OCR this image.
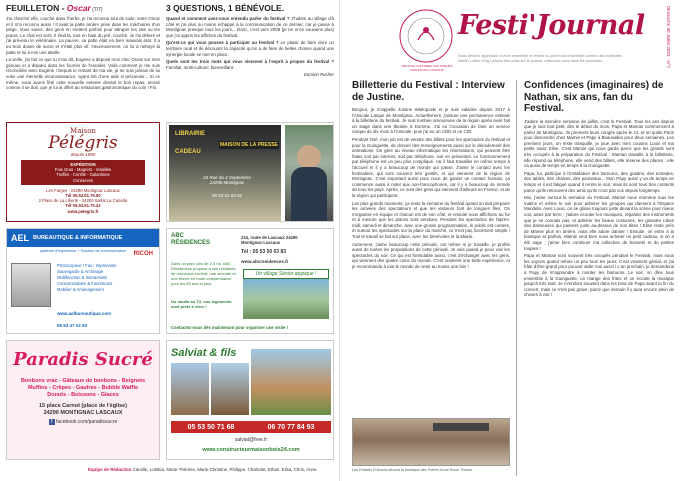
FEUILLETON - Oscar (7/7)

J'ai cherché elfe, couché dans l'herbe, je l'ai reconnu tout de suite, votre Oscar et il m'a reconnu aussi ! Il avait la patte arrière prise dans les mâchoires d'un piège. Vous savez, des gens en mettent parfois pour attraper les rats ou les putois. Le chat est sorti. Il était là, tout en haut du pré, couché. Je l'ai délivré et j'ai prévenu le vétérinaire. La pauvre, sa patte était en bien mauvais état. Il a eu trois doses de sucre et n'était plus vif. Heureusement, on lui a nettoyé la patte et lui a mis une attelle.

La veille, j'ai fait ce que tu m'as dit, Eugène a déposé mon cher Oscar sur mes genoux et a disparu dans les fourrés de l'escalier. Voilà comment je me suis réconciliée avec Eugène ! Depuis le restant de ma vie, je ne suis jamais de lui voler une éternelle reconnaissance, ayant été d'une aide si précieuse... Si ce même, nous avons fêté cette nouvelle entente devant le bon repas, arrosé comme il se doit, que je lui ai offert au restaurant gastronomique du coin ! Fin.

3 QUESTIONS, 1 BÉNÉVOLE.

Quand et comment avez-vous entendu parler du festival ? J'habite au village d'à côté et j'ai plus ou moins échappé à la communication de ce dernier, car je passe à Montignac presque tous les jours... Donc, c'est vers 2008 (je ne m'en souviens plus) que j'ai appris les affiches du festival.

Qu'est-ce qui vous pousse à participer au festival ? Le plaisir de faire vivre un territoire rural et de découvrir la capacité qu'on a de faire de belles choses quand une synergie locale se met en place.

Quels sont les trois mots qui vous viennent à l'esprit à propos du festival ? Familial, multi-culturel, bienveillant.

Damien Pucher

Maison
Pélégris
depuis 1890
EXPÉDITION
Foie Gras - Magrets - Volailles
Truffes - Confits - Galantines
Conserves
Les Farges - 24290 Montignac Lascaux
Tél 05.53.51.79.00
2 Place de La Liberté - 24200 Sarlat La Canéda
Tél 05.53.51.70.42
www.pelegris.fr
LIBRAIRIE
CADEAU
MAISON DE LA PRESSE
24 Rue du 4 Septembre 24290 Montignac
05 53 51 63 01
AEL BUREAUTIQUE & INFORMATIQUE
système d'impression + Solution de communication
Photocopieur / Fax / Imprimante
Sauvegarde & Archivage
Multifonction & Interactivité
Consommables & Fournitures
Mobilier & Aménagement
RICOH
www.aelbureautique.com
05 53 47 22 00
ABC RÉSIDENCES
234, route de Lascaux 24290 Montignac-Lascaux
Tél : 05 53 50 03 83
www.abcresidences.fr
Dans un parc clos de 2,5 ha, ABC Résidences propose à ses résidents de nouveaux confort, une sécurité et une liberté en toute indépendance pour les 60 ans et plus.
Du studio au T3, nos logements sont prêts à vivre !
Un village Sénior atypique !
Contactez-nous dès maintenant pour organiser une visite !
Paradis Sucré
Bonbons vrac - Gâteaux de bonbons - Beignets
Muffins - Crêpes - Gaufres - Bubble Waffle
Donuts - Boissons - Glaces
15 place Carnot (place de l'église)
24290 MONTIGNAC LASCAUX
f facebook.com/paradissucre
Salviat & fils
05 53 50 71 68	06 70 77 84 93
salviat@free.fr
www.constructeurmaisonbois24.com
Équipe de Rédaction Camille, Loëtitia, Marie-Thérèse, Marie-Christine, Philippe, Charlotte, Ethan, Elisa, Chris, Anne.
FESTIVAL CULTURES AUX COEURS MONTIGNAC-LASCAUX
Festi'Journal
Nous devons apprendre à vivre ensemble en frères ou périr tous ensemble comme des imbéciles. Martin Luther King Laissez des mots sur le journal, retrouvez-vous dans les prochains.	Dimanche 30 Juillet 2023 - N°7
Billetterie du Festival : Interview de Justine.

Bonjour, je m'appelle Justine Wieloposki et je suis salariée depuis 2017 à l'Amicale Laïque de Montignac. Actuellement, j'assure une permanence estivale à la billetterie du festival. Je suis tombée amoureuse de la région après avoir fait un stage dans une librairie à Domme. J'ai eu l'occasion de faire un service civique de dix mois à l'Amicale, puis j'ai eu un CDD et un CDI.

Pendant l'été, mon job est de vendre des billets pour les spectacles du festival et pour la Guinguette, de donner des renseignements aussi sur le déroulement des animations. On gère au niveau informatique les réservations, qui peuvent être faites soit par internet, soit par téléphone, soit en présentiel. Le fonctionnement par téléphone est un peu plus compliqué, car il faut travailler en même temps à l'accueil et il y a beaucoup de monde qui passe. J'aime le contact avec les festivaliers, qui sont souvent très gentils, et qui viennent de la région de Montignac. C'est important aussi pour nous de garder un contact humain, ça commence aussi à noter aux non-francophones, car il y a beaucoup de monde de tous les pays. Après, ce sont des gens qui viennent d'ailleurs en France, et de la région qui participent.

Les plus grands moments, ça reste la semaine du festival quand on doit préparer les arrivées des spectateurs et que les visiteurs font de longues files. On s'organise en équipe et chacun est de son côté, et ensuite nous affichons au fur et à mesure que les places sont vendues. Pendant les spectacles de l'après-midi, samedi et dimanche, avec une grosse programmation, le public est content, et surtout les spectacles sur la place du marché, ce n'est pas forcément simple ! Tout le travail se fait sur place, avec les bénévoles et la Mairie.

Autrement, j'aime beaucoup cette période, car même si je travaille, je profite aussi de toutes les propositions de cette période. Je vais quand je peux voir les spectacles du soir. Ce qui est formidable aussi, c'est d'échanger avec les gens, qui viennent des quatre coins du monde. C'est vraiment une belle expérience, et je recommande à tout le monde de venir au moins une fois !

Les Enfants D'Aracia devant la boutique des Frères d'une Roue Tisseur
Confidences (imaginaires) de Nathan, six ans, fan du Festival.

J'adore la dernière semaine de juillet, c'est le Festival. Tous les ans depuis que je suis tout petit, dès le début du mois, Papa et Maman commencent à parler de Montignac. Ils prennent leurs congés après le 14, et on quitte Paris pour descendre chez Mamie et Papy à Beauvalles pour deux semaines. Les premiers jours, on reste tranquille, je joue avec mes cousins Louis et ma petite sœur Elise. C'est Mamie qui nous garde parce que les grands sont très occupés à la préparation du Festival : Maman travaille à la billetterie, elle répond au téléphone, elle vend des billets, elle réserve des places ; elle va aussi de temps en temps à la Guinguette.

Papa, lui, participe à l'installation des barnums, des gradins, des estrades, des tables, des chaises, des panneaux... Mon Papy aussi y va de temps en temps et il est fatigué quand il rentre le soir, mais ils sont tous très contents parce qu'ils retrouvent des amis qu'ils n'ont pas vus depuis longtemps.

Moi, j'aime surtout la semaine du Festival. Mamie nous emmène tous les matins et même le soir pour admirer les groupes qui dansent à l'Espace Mandela. Avec Louis, on se glisse toujours juste devant la scène pour mieux voir, assis par terre : j'adore écouter les musiques, regarder des instruments que je ne connais pas, et admirer les beaux costumes, les grandes robes des danseuses qui passent juste au-dessus de nos têtes ! Elise reste près de Mamie plus en arrière, mais elle adore danser ! Ensuite, on entre à la boutique et parfois, Mamie veut bien nous acheter un petit cadeau, si on a été sage ; j'aime bien continuer ma collection de bonnets et de petites toupies !

Papa et Maman sont souvent très occupés pendant le Festival, mais nous les voyons quand même un peu tous les jours. C'est vraiment génial, et j'ai hâte d'être grand pour pouvoir aider moi aussi ! L'an prochain, je demanderai à Papy de m'apprendre à monter les barnums. Le soir, on dîne tous ensemble à la Guinguette, on mange des frites et on écoute la musique jusqu'à très tard. Je m'endors souvent dans les bras de Papa avant la fin du concert, mais ce n'est pas grave, parce que demain il y aura encore plein de choses à voir !
